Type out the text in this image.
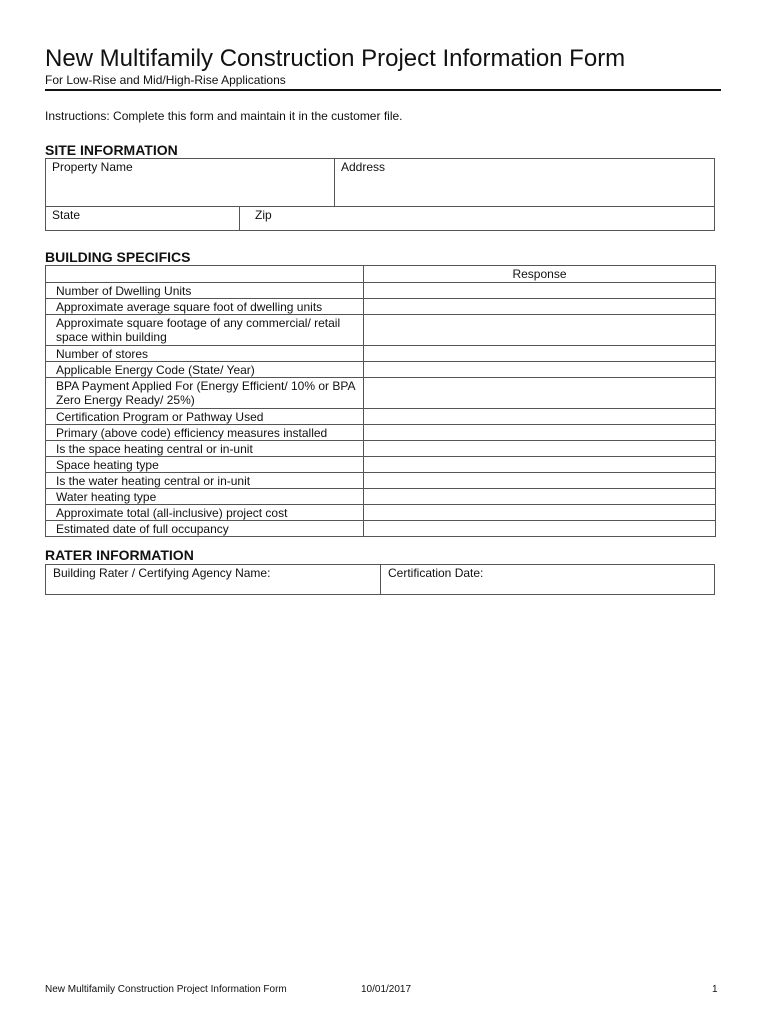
New Multifamily Construction Project Information Form
For Low-Rise and Mid/High-Rise Applications
Instructions: Complete this form and maintain it in the customer file.
SITE INFORMATION
Property Name	Address
State	Zip
BUILDING SPECIFICS
	Response
Number of Dwelling Units	
Approximate average square foot of dwelling units	
Approximate square footage of any commercial/ retail space within building	
Number of stores	
Applicable Energy Code (State/ Year)	
BPA Payment Applied For (Energy Efficient/ 10% or BPA Zero Energy Ready/ 25%)	
Certification Program or Pathway Used	
Primary (above code) efficiency measures installed	
Is the space heating central or in-unit	
Space heating type	
Is the water heating central or in-unit	
Water heating type	
Approximate total (all-inclusive) project cost	
Estimated date of full occupancy	
RATER INFORMATION
Building Rater / Certifying Agency Name:	Certification Date:
New Multifamily Construction Project Information Form	10/01/2017	1
